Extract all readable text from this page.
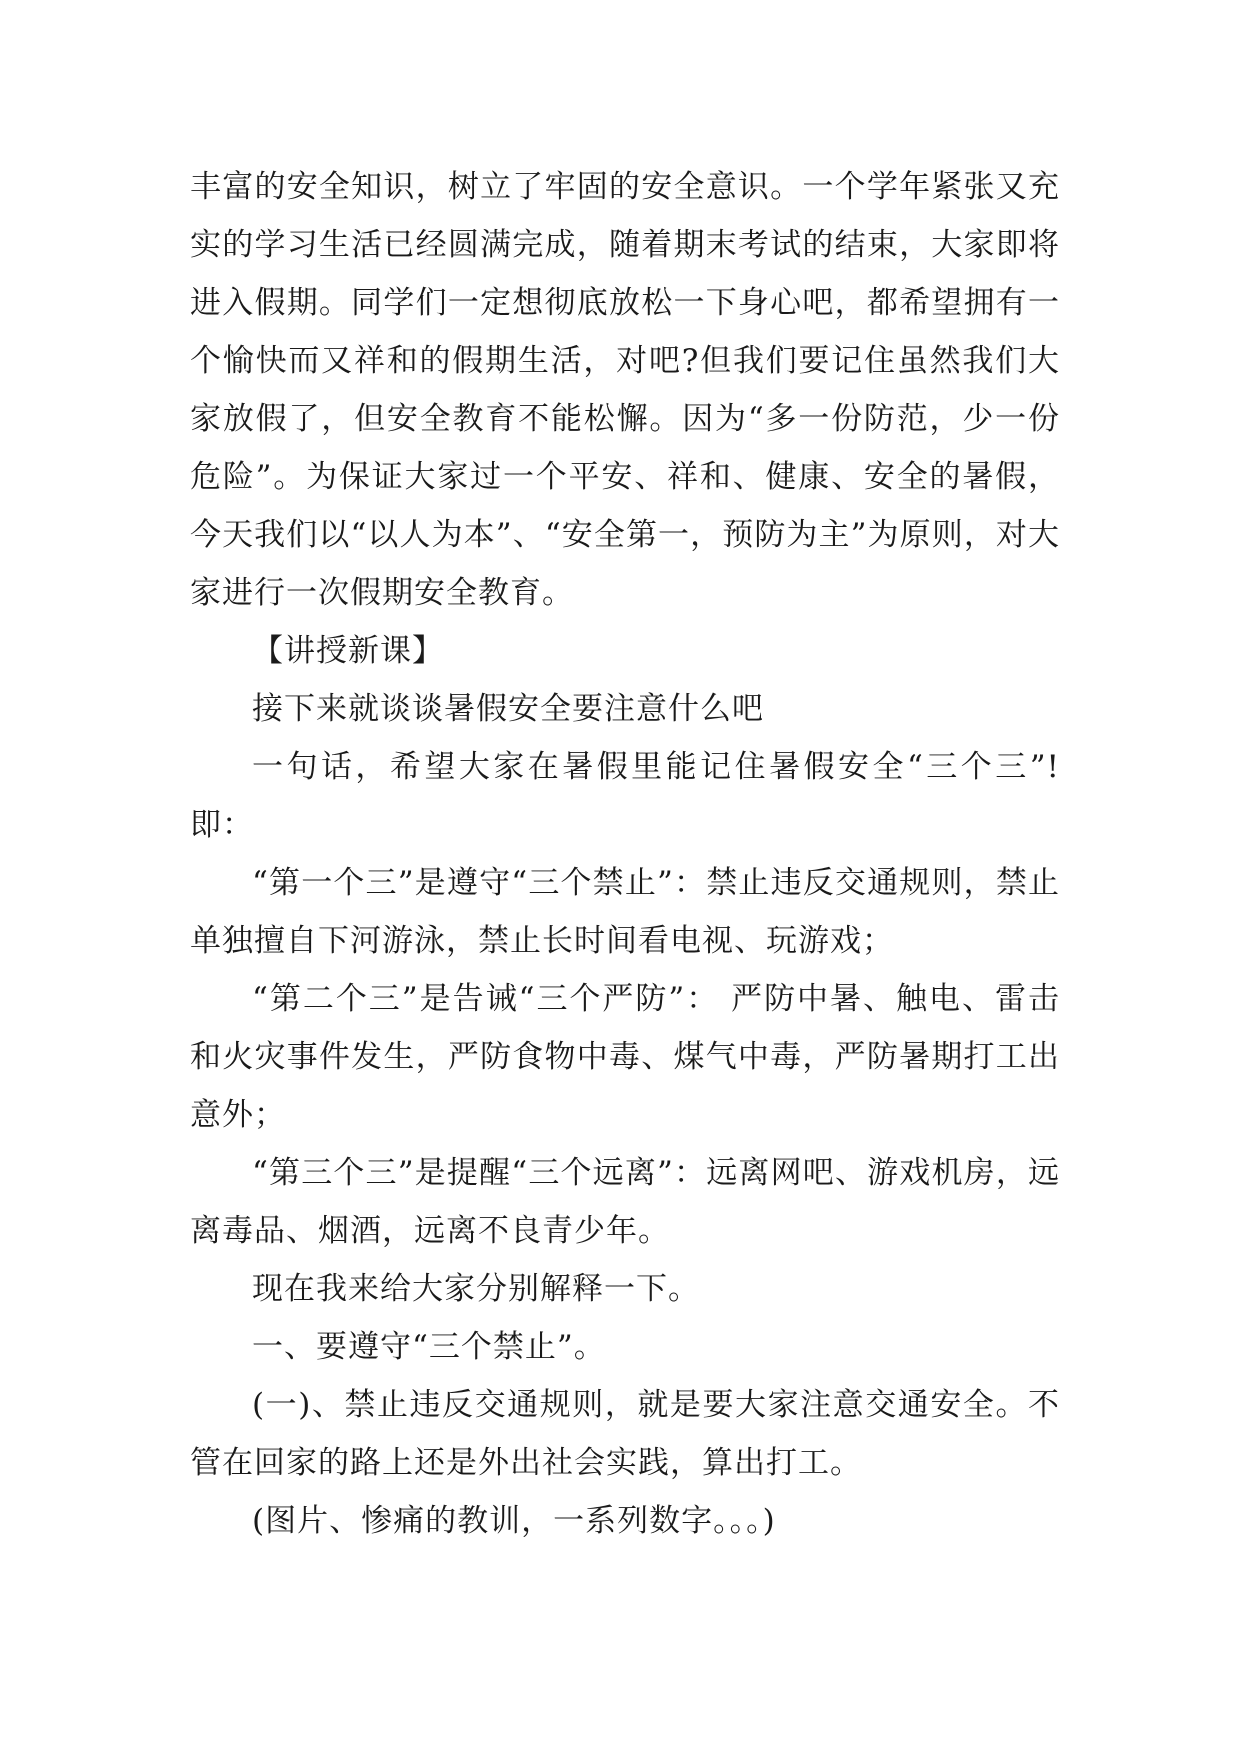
丰富的安全知识，树立了牢固的安全意识。一个学年紧张又充实的学习生活已经圆满完成，随着期末考试的结束，大家即将进入假期。同学们一定想彻底放松一下身心吧，都希望拥有一个愉快而又祥和的假期生活，对吧?但我们要记住虽然我们大家放假了，但安全教育不能松懈。因为“多一份防范，少一份危险”。为保证大家过一个平安、祥和、健康、安全的暑假，今天我们以“以人为本”、“安全第一，预防为主”为原则，对大家进行一次假期安全教育。

【讲授新课】

接下来就谈谈暑假安全要注意什么吧

一句话，希望大家在暑假里能记住暑假安全“三个三”!即：

“第一个三”是遵守“三个禁止”：禁止违反交通规则，禁止单独擅自下河游泳，禁止长时间看电视、玩游戏；

“第二个三”是告诫“三个严防”： 严防中暑、触电、雷击和火灾事件发生，严防食物中毒、煤气中毒，严防暑期打工出意外；

“第三个三”是提醒“三个远离”：远离网吧、游戏机房，远离毒品、烟酒，远离不良青少年。

现在我来给大家分别解释一下。

一、要遵守“三个禁止”。

(一)、禁止违反交通规则，就是要大家注意交通安全。不管在回家的路上还是外出社会实践，算出打工。

(图片、惨痛的教训，一系列数字。。。)
